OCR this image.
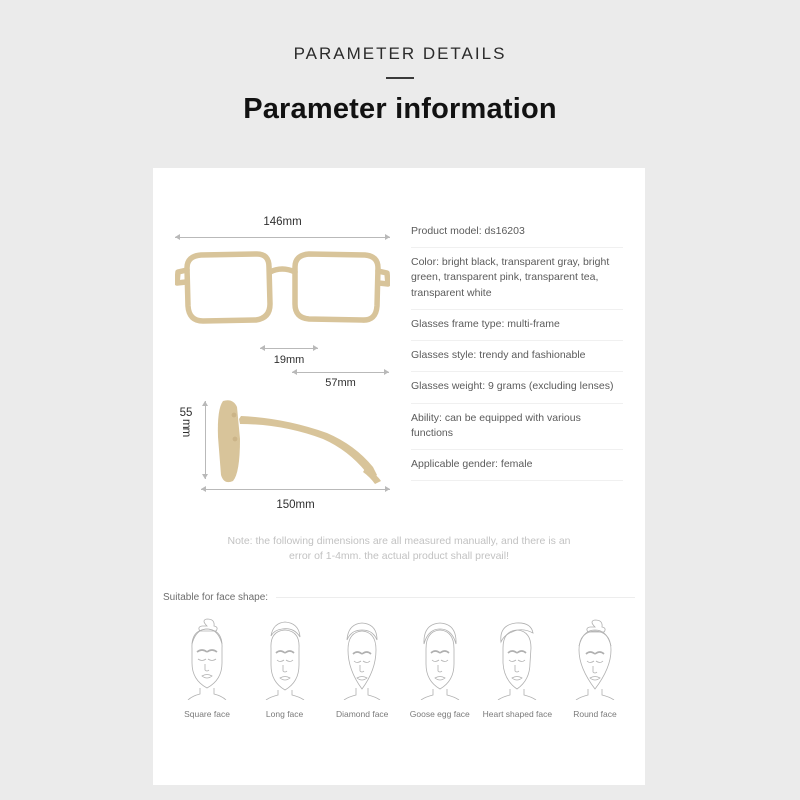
PARAMETER DETAILS
Parameter information
146mm
19mm
57mm
55
mm
150mm
Product model: ds16203
Color: bright black, transparent gray, bright green, transparent pink, transparent tea, transparent white
Glasses frame type: multi-frame
Glasses style: trendy and fashionable
Glasses weight: 9 grams (excluding lenses)
Ability: can be equipped with various functions
Applicable gender: female
Note: the following dimensions are all measured manually, and there is an
error of 1-4mm. the actual product shall prevail!
Suitable for face shape:
Square face	Long face	Diamond face	Goose egg face	Heart shaped face	Round face
